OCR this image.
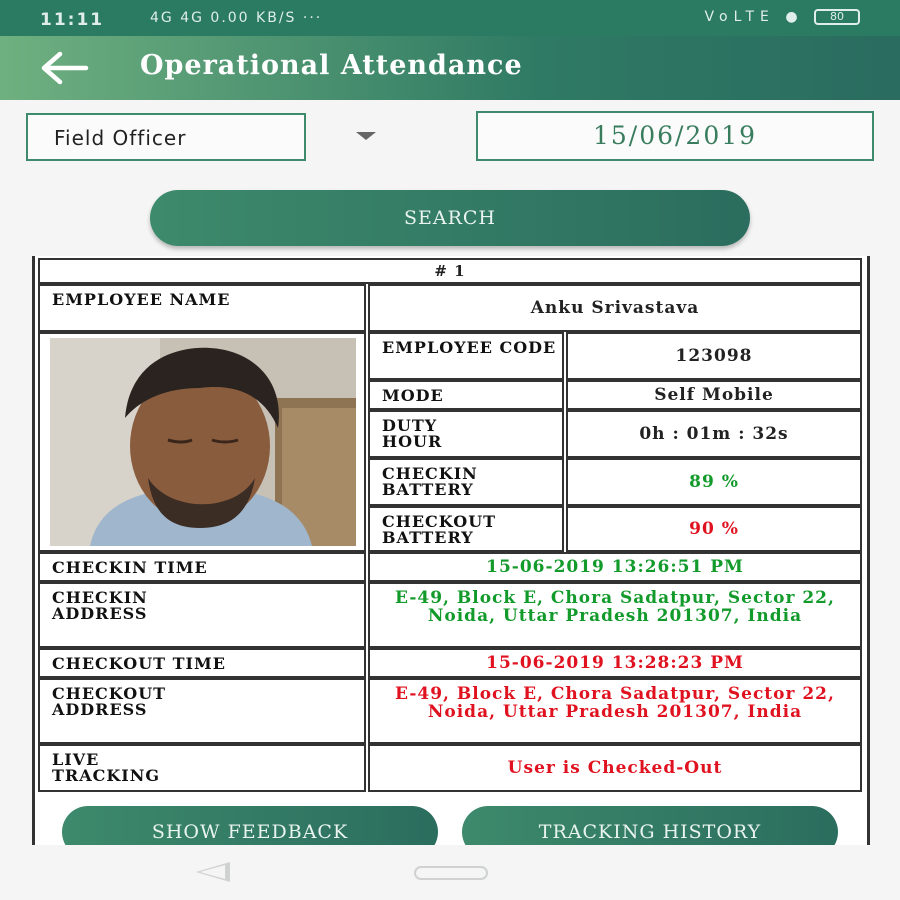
11:11	4G 4G 0.00 KB/S ···	VoLTE ● 80
Operational Attendance
Field Officer	15/06/2019
SEARCH
# 1
EMPLOYEE NAME	Anku Srivastava
EMPLOYEE CODE	123098
MODE	Self Mobile
DUTY HOUR	0h : 01m : 32s
CHECKIN BATTERY	89 %
CHECKOUT BATTERY	90 %
CHECKIN TIME	15-06-2019 13:26:51 PM
CHECKIN ADDRESS
E-49, Block E, Chora Sadatpur, Sector 22, Noida, Uttar Pradesh 201307, India
CHECKOUT TIME	15-06-2019 13:28:23 PM
CHECKOUT ADDRESS
E-49, Block E, Chora Sadatpur, Sector 22, Noida, Uttar Pradesh 201307, India
LIVE TRACKING	User is Checked-Out
SHOW FEEDBACK	TRACKING HISTORY
